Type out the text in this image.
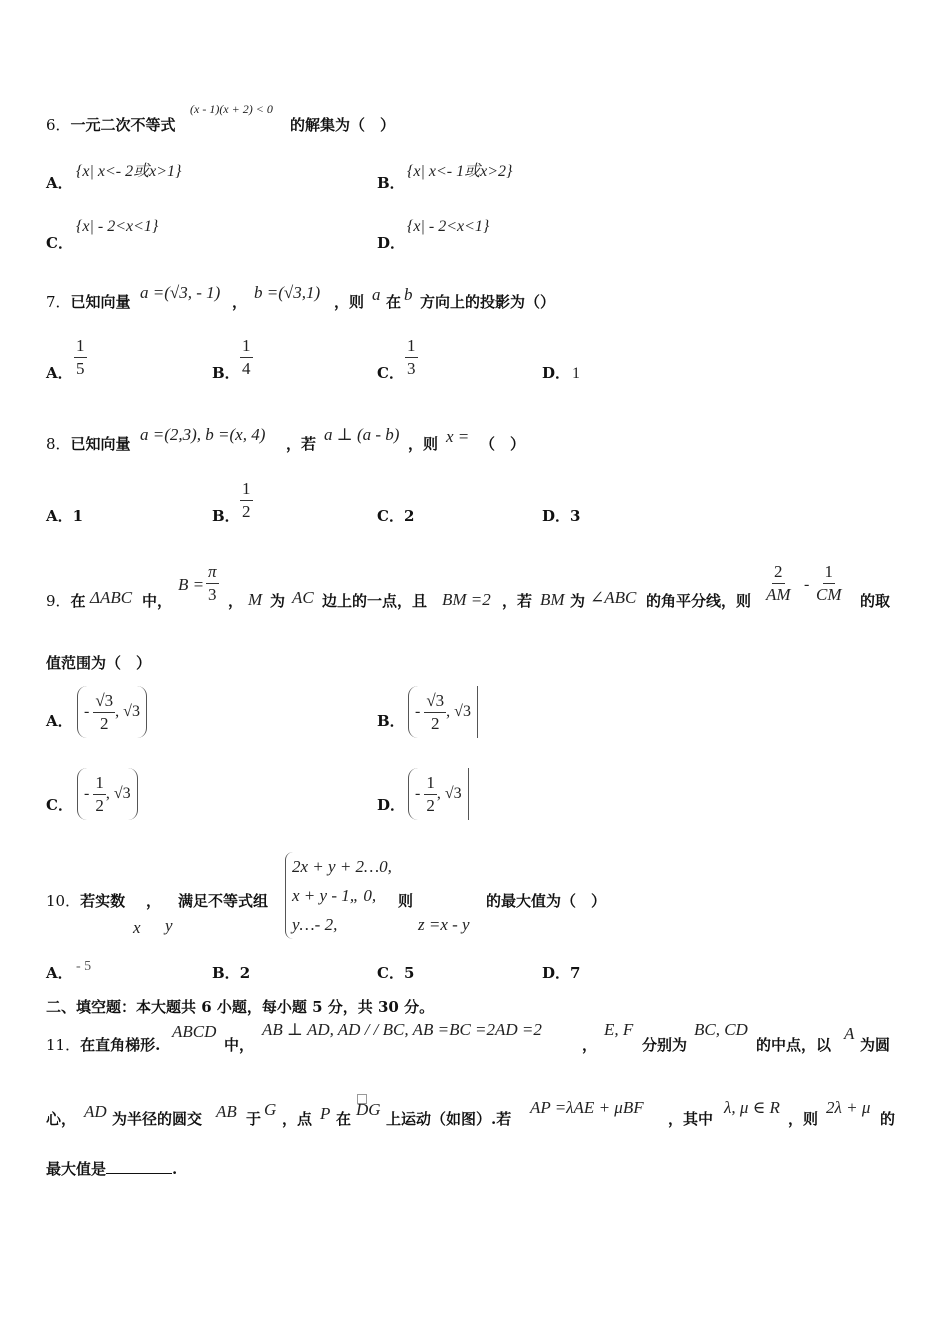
6．一元二次不等式
(x - 1)(x + 2) < 0
的解集为（　）
A．
{x| x<- 2或x>1}
B．
{x| x<- 1或x>2}
C．
{x| - 2<x<1}
D．
{x| - 2<x<1}
7．已知向量 a =(√3, - 1) ， b =(√3,1) ，则 a 在 b 方向上的投影为（）
A． $\frac{1}{5}$	B． $\frac{1}{4}$	C． $\frac{1}{3}$	D． 1
8．已知向量 a =(2,3), b =(x, 4) ，若 a ⊥ (a - b) ，则 x = （　）
A．1	B． $\frac{1}{2}$	C．2	D．3
9．在 ΔABC 中，
$B = \frac{\pi}{3}$ ， M 为 AC 边上的一点，且 BM =2 ，若 BM 为 ∠ABC 的角平分线，则 $\frac{2}{AM} - \frac{1}{CM}$ 的取
值范围为（　）
A．
- $\frac{√3}{2}$ , √3
B．
- $\frac{√3}{2}$ , √3
C．
- $\frac{1}{2}$ , √3
D．
- $\frac{1}{2}$ , √3
10．若实数 ， 满足不等式组
x y
2x + y + 2…0,
x + y - 1„ 0,
y…- 2,
则
z =x - y
的最大值为（　）
A． - 5	B．2	C．5	D．7
二、填空题：本大题共 6 小题，每小题 5 分，共 30 分。
11．在直角梯形.
ABCD
中，
AB ⊥ AD, AD / / BC, AB =BC =2AD =2
，
E, F
分别为
BC, CD
的中点，以
A
为圆
心， AD 为半径的圆交 AB 于 G ，点 P 在 DG 上运动（如图）.若
AP =λAE + μBF
，其中
λ, μ ∈ R
，则
2λ + μ
的
最大值是	.
